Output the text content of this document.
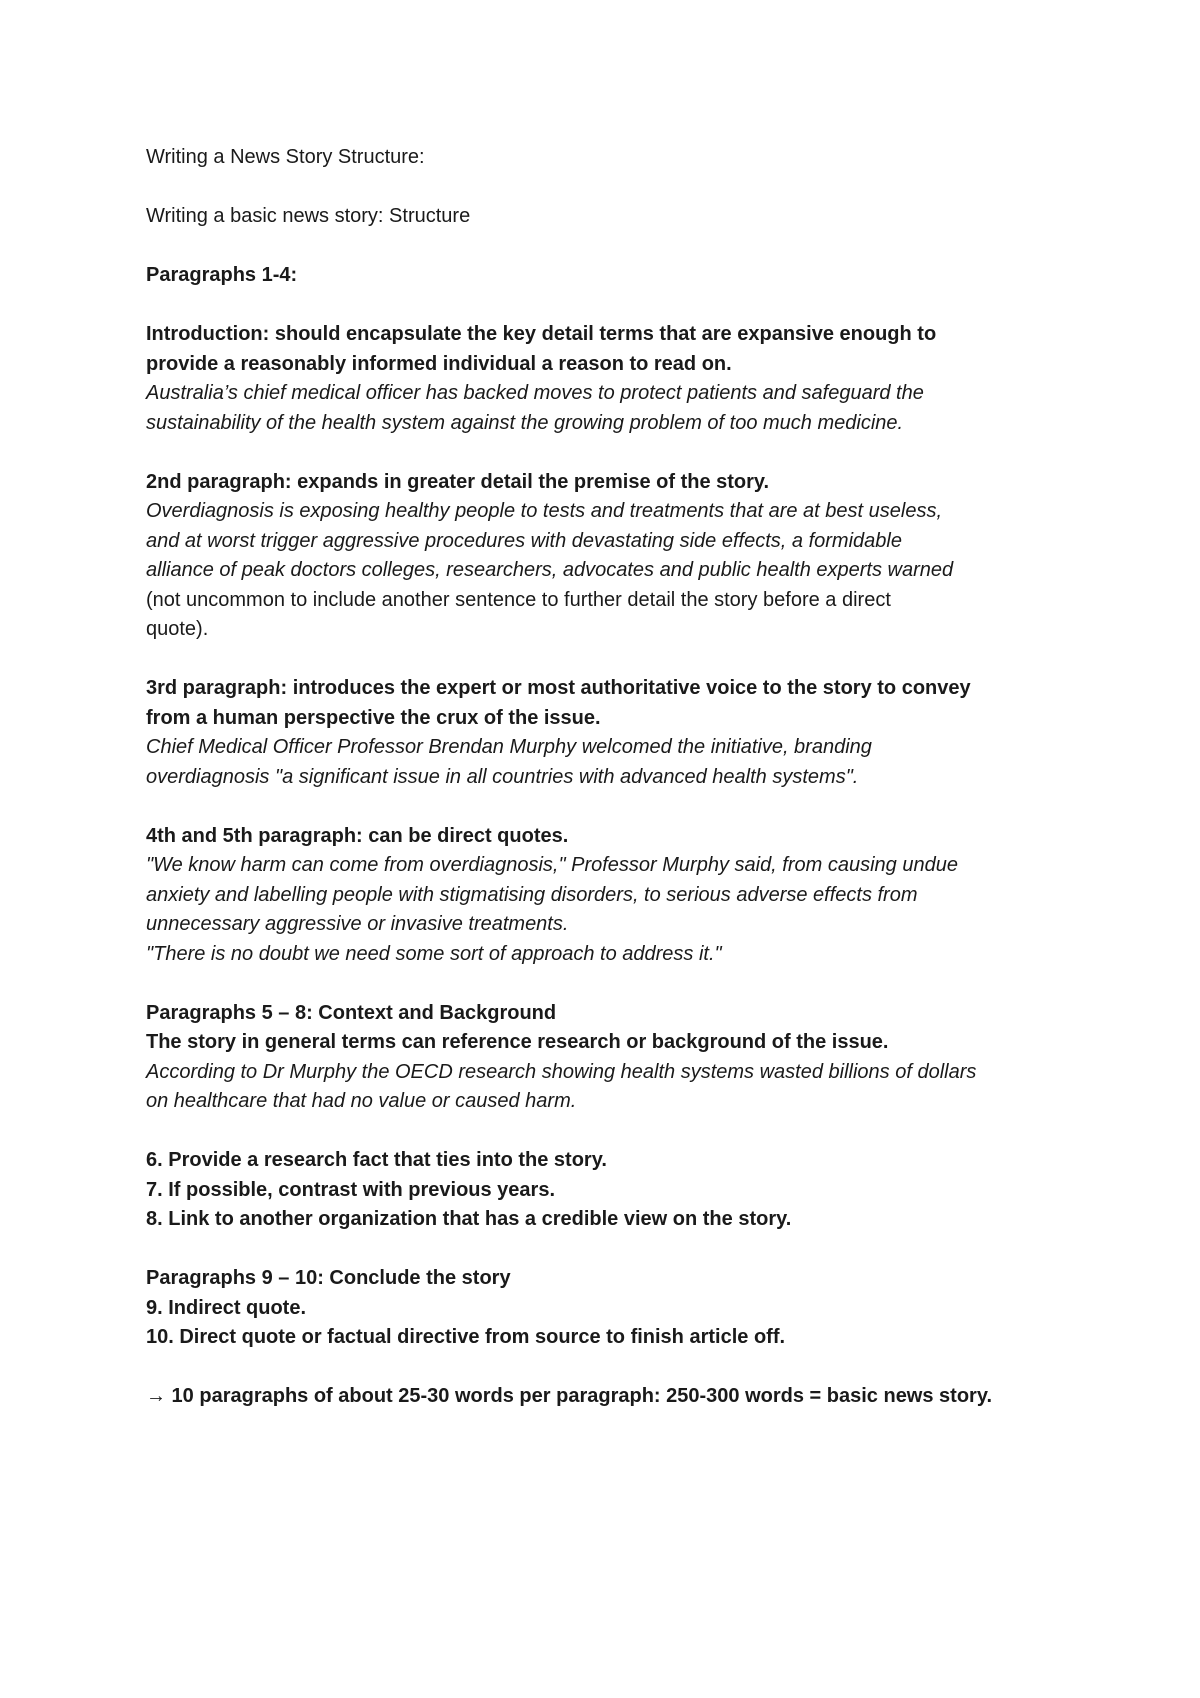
Writing a News Story Structure:
Writing a basic news story: Structure
Paragraphs 1-4:
Introduction: should encapsulate the key detail terms that are expansive enough to
provide a reasonably informed individual a reason to read on.
Australia’s chief medical officer has backed moves to protect patients and safeguard the
sustainability of the health system against the growing problem of too much medicine.
2nd paragraph: expands in greater detail the premise of the story.
Overdiagnosis is exposing healthy people to tests and treatments that are at best useless,
and at worst trigger aggressive procedures with devastating side effects, a formidable
alliance of peak doctors colleges, researchers, advocates and public health experts warned
(not uncommon to include another sentence to further detail the story before a direct
quote).
3rd paragraph: introduces the expert or most authoritative voice to the story to convey
from a human perspective the crux of the issue.
Chief Medical Officer Professor Brendan Murphy welcomed the initiative, branding
overdiagnosis "a significant issue in all countries with advanced health systems".
4th and 5th paragraph: can be direct quotes.
"We know harm can come from overdiagnosis," Professor Murphy said, from causing undue
anxiety and labelling people with stigmatising disorders, to serious adverse effects from
unnecessary aggressive or invasive treatments.
"There is no doubt we need some sort of approach to address it."
Paragraphs 5 – 8: Context and Background
The story in general terms can reference research or background of the issue.
According to Dr Murphy the OECD research showing health systems wasted billions of dollars
on healthcare that had no value or caused harm.
6. Provide a research fact that ties into the story.
7. If possible, contrast with previous years.
8. Link to another organization that has a credible view on the story.
Paragraphs 9 – 10: Conclude the story
9. Indirect quote.
10. Direct quote or factual directive from source to finish article off.
→ 10 paragraphs of about 25-30 words per paragraph: 250-300 words = basic news story.
